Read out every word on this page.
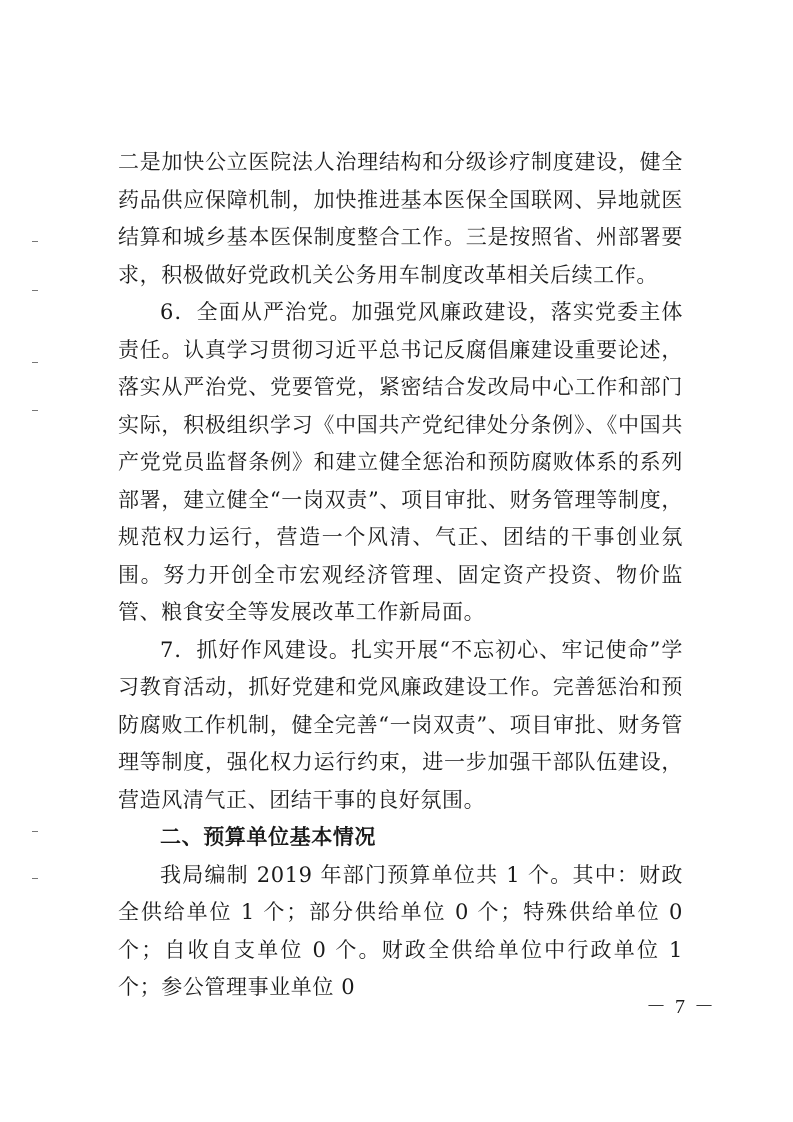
二是加快公立医院法人治理结构和分级诊疗制度建设，健全药品供应保障机制，加快推进基本医保全国联网、异地就医结算和城乡基本医保制度整合工作。三是按照省、州部署要求，积极做好党政机关公务用车制度改革相关后续工作。

6．全面从严治党。加强党风廉政建设，落实党委主体责任。认真学习贯彻习近平总书记反腐倡廉建设重要论述，落实从严治党、党要管党，紧密结合发改局中心工作和部门实际，积极组织学习《中国共产党纪律处分条例》、《中国共产党党员监督条例》和建立健全惩治和预防腐败体系的系列部署，建立健全“一岗双责”、项目审批、财务管理等制度，规范权力运行，营造一个风清、气正、团结的干事创业氛围。努力开创全市宏观经济管理、固定资产投资、物价监管、粮食安全等发展改革工作新局面。

7．抓好作风建设。扎实开展“不忘初心、牢记使命”学习教育活动，抓好党建和党风廉政建设工作。完善惩治和预防腐败工作机制，健全完善“一岗双责”、项目审批、财务管理等制度，强化权力运行约束，进一步加强干部队伍建设，营造风清气正、团结干事的良好氛围。

二、预算单位基本情况

我局编制 2019 年部门预算单位共 1 个。其中：财政全供给单位 1 个；部分供给单位 0 个；特殊供给单位 0 个；自收自支单位 0 个。财政全供给单位中行政单位 1 个；参公管理事业单位 0

－ 7 －
